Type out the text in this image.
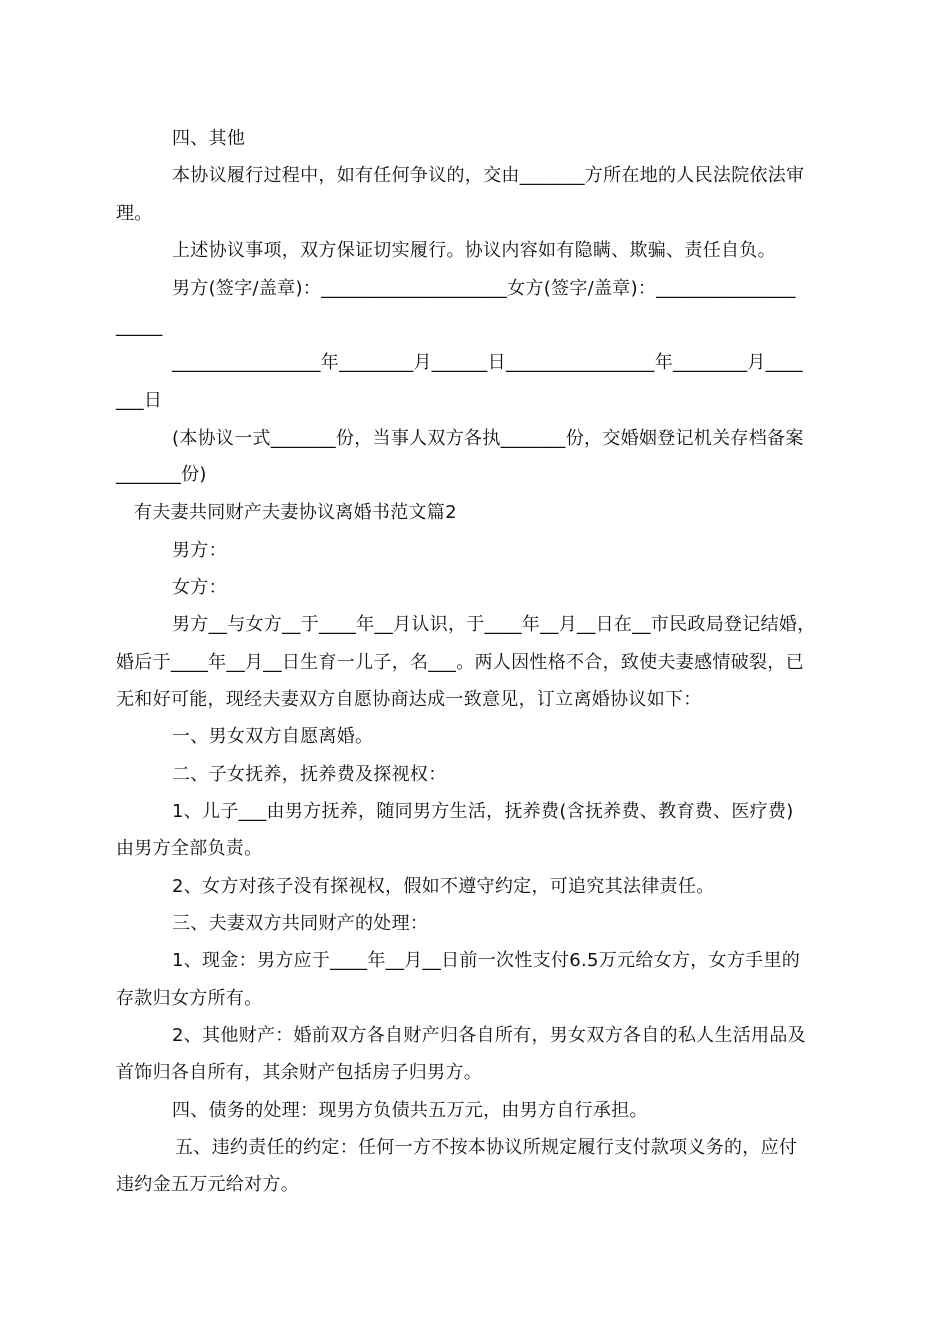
四、其他
本协议履行过程中，如有任何争议的，交由_______方所在地的人民法院依法审
理。
上述协议事项，双方保证切实履行。协议内容如有隐瞒、欺骗、责任自负。
男方(签字/盖章)：____________________女方(签字/盖章)：_______________
_____
________________年________月______日________________年________月____
___日
(本协议一式_______份，当事人双方各执_______份，交婚姻登记机关存档备案
_______份)
有夫妻共同财产夫妻协议离婚书范文篇2
男方：
女方：
男方__与女方__于____年__月认识，于____年__月__日在__市民政局登记结婚，
婚后于____年__月__日生育一儿子，名___。两人因性格不合，致使夫妻感情破裂，已
无和好可能，现经夫妻双方自愿协商达成一致意见，订立离婚协议如下：
一、男女双方自愿离婚。
二、子女抚养，抚养费及探视权：
1、儿子___由男方抚养，随同男方生活，抚养费(含抚养费、教育费、医疗费)
由男方全部负责。
2、女方对孩子没有探视权，假如不遵守约定，可追究其法律责任。
三、夫妻双方共同财产的处理：
1、现金：男方应于____年__月__日前一次性支付6.5万元给女方，女方手里的
存款归女方所有。
2、其他财产：婚前双方各自财产归各自所有，男女双方各自的私人生活用品及
首饰归各自所有，其余财产包括房子归男方。
四、债务的处理：现男方负债共五万元，由男方自行承担。
五、违约责任的约定：任何一方不按本协议所规定履行支付款项义务的，应付
违约金五万元给对方。
